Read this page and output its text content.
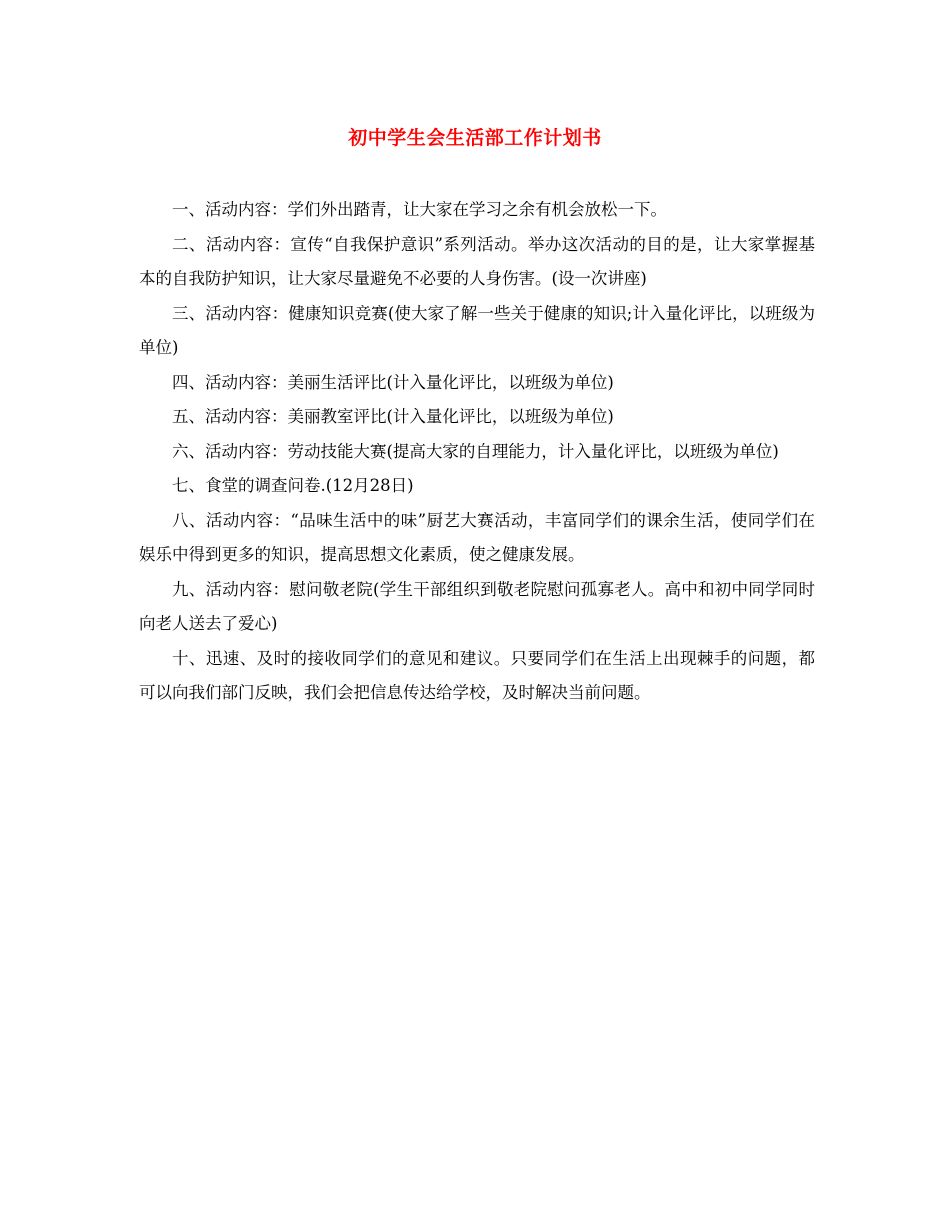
初中学生会生活部工作计划书

一、活动内容：学们外出踏青，让大家在学习之余有机会放松一下。

二、活动内容：宣传“自我保护意识”系列活动。举办这次活动的目的是，让大家掌握基本的自我防护知识，让大家尽量避免不必要的人身伤害。(设一次讲座)

三、活动内容：健康知识竞赛(使大家了解一些关于健康的知识;计入量化评比，以班级为单位)

四、活动内容：美丽生活评比(计入量化评比，以班级为单位)

五、活动内容：美丽教室评比(计入量化评比，以班级为单位)

六、活动内容：劳动技能大赛(提高大家的自理能力，计入量化评比，以班级为单位)

七、食堂的调查问卷.(12月28日)

八、活动内容：“品味生活中的味”厨艺大赛活动，丰富同学们的课余生活，使同学们在娱乐中得到更多的知识，提高思想文化素质，使之健康发展。

九、活动内容：慰问敬老院(学生干部组织到敬老院慰问孤寡老人。高中和初中同学同时向老人送去了爱心)

十、迅速、及时的接收同学们的意见和建议。只要同学们在生活上出现棘手的问题，都可以向我们部门反映，我们会把信息传达给学校，及时解决当前问题。
